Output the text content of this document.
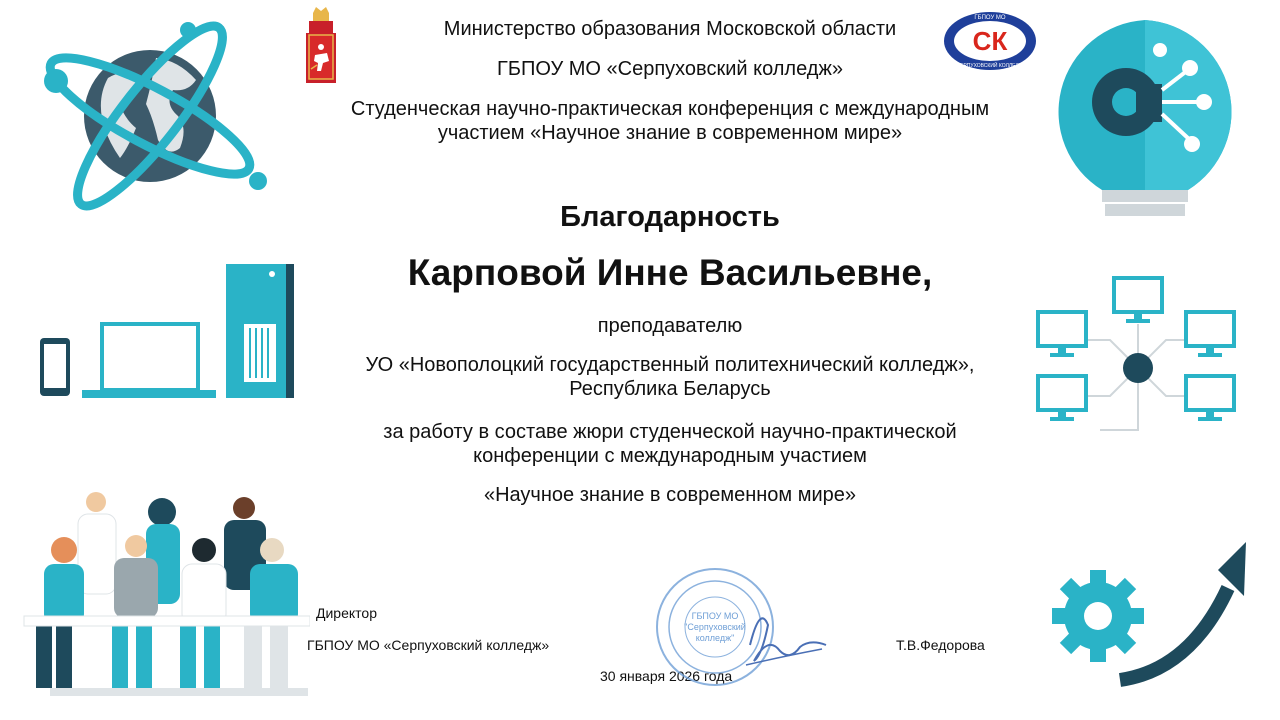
Министерство образования Московской области
ГБПОУ МО «Серпуховский колледж»
Студенческая научно-практическая конференция с международным
участием «Научное знание в современном мире»
Благодарность
Карповой Инне Васильевне,
преподавателю
УО «Новополоцкий государственный политехнический колледж»,
Республика Беларусь
за работу в составе жюри студенческой научно-практической
конференции с международным участием
«Научное знание в современном мире»
Директор
ГБПОУ МО «Серпуховский колледж»	Т.В.Федорова
30 января 2026 года
СК
ГБПОУ МО
СЕРПУХОВСКИЙ КОЛЛЕДЖ
ГБПОУ МО
"Серпуховский
колледж"
